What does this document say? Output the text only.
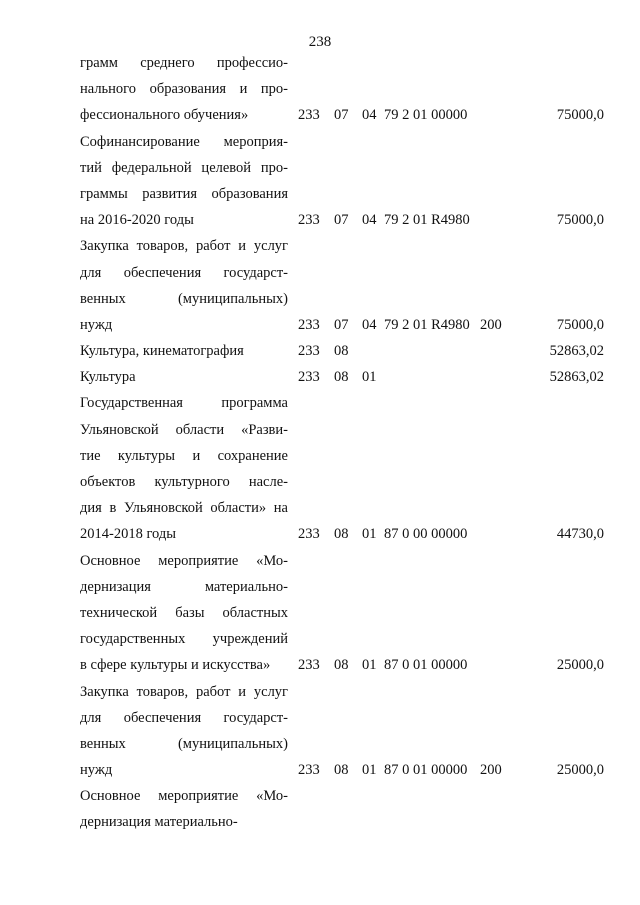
238
грамм среднего профессио-
нального образования и про-
фессионального обучения»	233 07 04 79 2 01 00000	75000,0
Софинансирование мероприя-
тий федеральной целевой про-
граммы развития образования
на 2016-2020 годы	233 07 04 79 2 01 R4980	75000,0
Закупка товаров, работ и услуг
для обеспечения государст-
венных (муниципальных)
нужд	233 07 04 79 2 01 R4980 200	75000,0
Культура, кинематография	233 08	52863,02
Культура	233 08 01	52863,02
Государственная программа
Ульяновской области «Разви-
тие культуры и сохранение
объектов культурного насле-
дия в Ульяновской области» на
2014-2018 годы	233 08 01 87 0 00 00000	44730,0
Основное мероприятие «Мо-
дернизация материально-
технической базы областных
государственных учреждений
в сфере культуры и искусства»	233 08 01 87 0 01 00000	25000,0
Закупка товаров, работ и услуг
для обеспечения государст-
венных (муниципальных)
нужд	233 08 01 87 0 01 00000 200	25000,0
Основное мероприятие «Мо-
дернизация материально-
